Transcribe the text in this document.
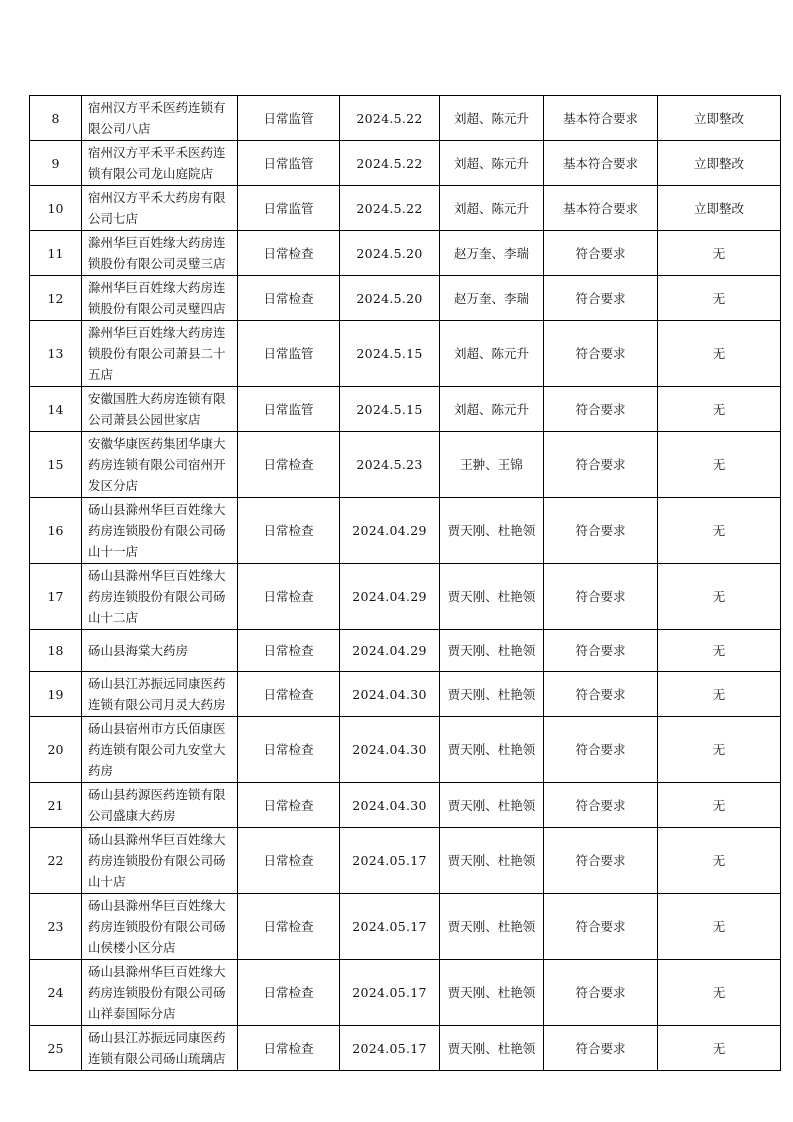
8	宿州汉方平禾医药连锁有限公司八店	日常监管	2024.5.22	刘超、陈元升	基本符合要求	立即整改
9	宿州汉方平禾平禾医药连锁有限公司龙山庭院店	日常监管	2024.5.22	刘超、陈元升	基本符合要求	立即整改
10	宿州汉方平禾大药房有限公司七店	日常监管	2024.5.22	刘超、陈元升	基本符合要求	立即整改
11	滁州华巨百姓缘大药房连锁股份有限公司灵璧三店	日常检查	2024.5.20	赵万奎、李瑞	符合要求	无
12	滁州华巨百姓缘大药房连锁股份有限公司灵璧四店	日常检查	2024.5.20	赵万奎、李瑞	符合要求	无
13	滁州华巨百姓缘大药房连锁股份有限公司萧县二十五店	日常监管	2024.5.15	刘超、陈元升	符合要求	无
14	安徽国胜大药房连锁有限公司萧县公园世家店	日常监管	2024.5.15	刘超、陈元升	符合要求	无
15	安徽华康医药集团华康大药房连锁有限公司宿州开发区分店	日常检查	2024.5.23	王翀、王锦	符合要求	无
16	砀山县滁州华巨百姓缘大药房连锁股份有限公司砀山十一店	日常检查	2024.04.29	贾天刚、杜艳领	符合要求	无
17	砀山县滁州华巨百姓缘大药房连锁股份有限公司砀山十二店	日常检查	2024.04.29	贾天刚、杜艳领	符合要求	无
18	砀山县海棠大药房	日常检查	2024.04.29	贾天刚、杜艳领	符合要求	无
19	砀山县江苏振远同康医药连锁有限公司月灵大药房	日常检查	2024.04.30	贾天刚、杜艳领	符合要求	无
20	砀山县宿州市方氏佰康医药连锁有限公司九安堂大药房	日常检查	2024.04.30	贾天刚、杜艳领	符合要求	无
21	砀山县药源医药连锁有限公司盛康大药房	日常检查	2024.04.30	贾天刚、杜艳领	符合要求	无
22	砀山县滁州华巨百姓缘大药房连锁股份有限公司砀山十店	日常检查	2024.05.17	贾天刚、杜艳领	符合要求	无
23	砀山县滁州华巨百姓缘大药房连锁股份有限公司砀山侯楼小区分店	日常检查	2024.05.17	贾天刚、杜艳领	符合要求	无
24	砀山县滁州华巨百姓缘大药房连锁股份有限公司砀山祥泰国际分店	日常检查	2024.05.17	贾天刚、杜艳领	符合要求	无
25	砀山县江苏振远同康医药连锁有限公司砀山琉璃店	日常检查	2024.05.17	贾天刚、杜艳领	符合要求	无
